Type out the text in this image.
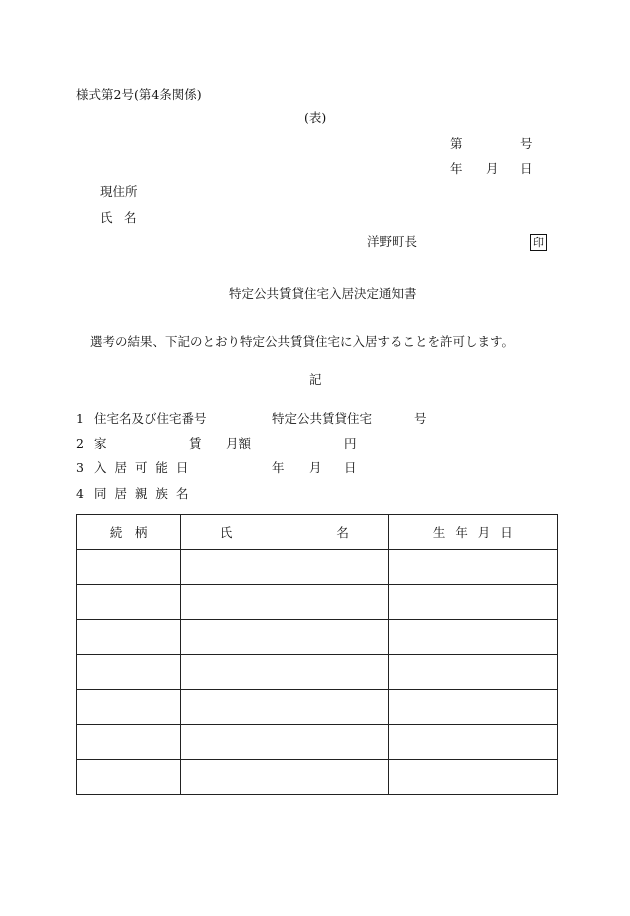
様式第2号(第4条関係)
(表)
第	号
年 月 日
現住所
氏 名
洋野町長	印
特定公共賃貸住宅入居決定通知書
選考の結果、下記のとおり特定公共賃貸住宅に入居することを許可します。
記
1 住宅名及び住宅番号	特定公共賃貸住宅	号
2 家	賃 月額	円
3 入 居 可 能 日	年 月 日
4 同 居 親 族 名
続　柄	氏 名	生 年 月 日
